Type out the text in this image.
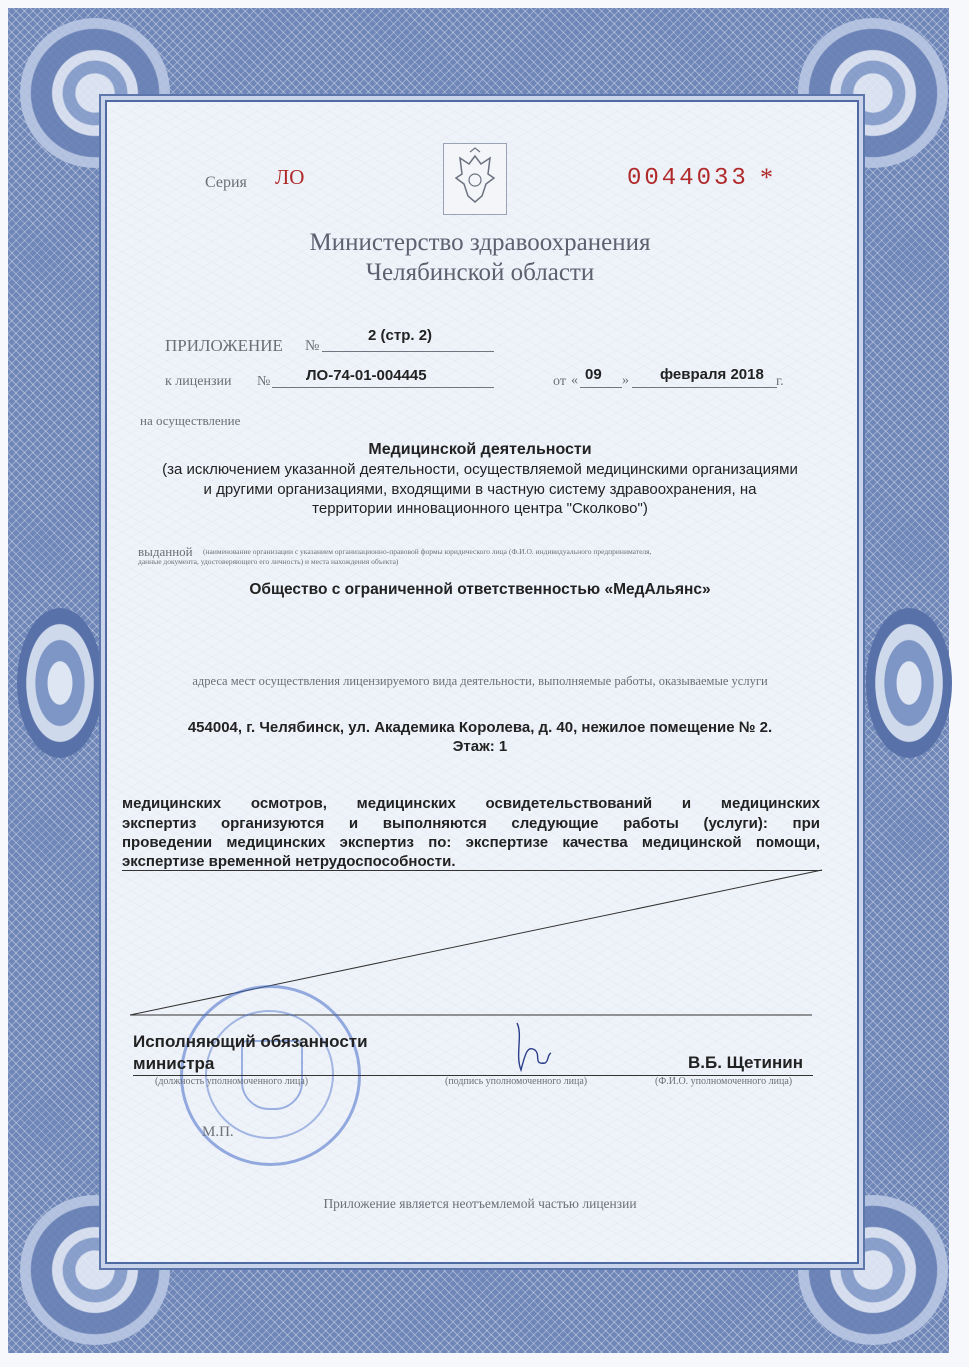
Серия ЛО	0044033 *
Министерство здравоохранения
Челябинской области
ПРИЛОЖЕНИЕ №
2 (стр. 2)
к лицензии № ЛО-74-01-004445	от « 09 » февраля 2018 г.
на осуществление
Медицинской деятельности
(за исключением указанной деятельности, осуществляемой медицинскими организациями
и другими организациями, входящими в частную систему здравоохранения, на
территории инновационного центра "Сколково")
выданной (наименование организации с указанием организационно-правовой формы юридического лица (Ф.И.О. индивидуального предпринимателя,
данные документа, удостоверяющего его личность) и места нахождения объекта)
Общество с ограниченной ответственностью «МедАльянс»
адреса мест осуществления лицензируемого вида деятельности, выполняемые работы, оказываемые услуги
454004, г. Челябинск, ул. Академика Королева, д. 40, нежилое помещение № 2.
Этаж: 1
медицинских осмотров, медицинских освидетельствований и медицинских
экспертиз организуются и выполняются следующие работы (услуги): при
проведении медицинских экспертиз по: экспертизе качества медицинской помощи,
экспертизе временной нетрудоспособности.
Исполняющий обязанности
министра	В.Б. Щетинин
(должность уполномоченного лица)	(подпись уполномоченного лица)	(Ф.И.О. уполномоченного лица)
М.П.
Приложение является неотъемлемой частью лицензии
